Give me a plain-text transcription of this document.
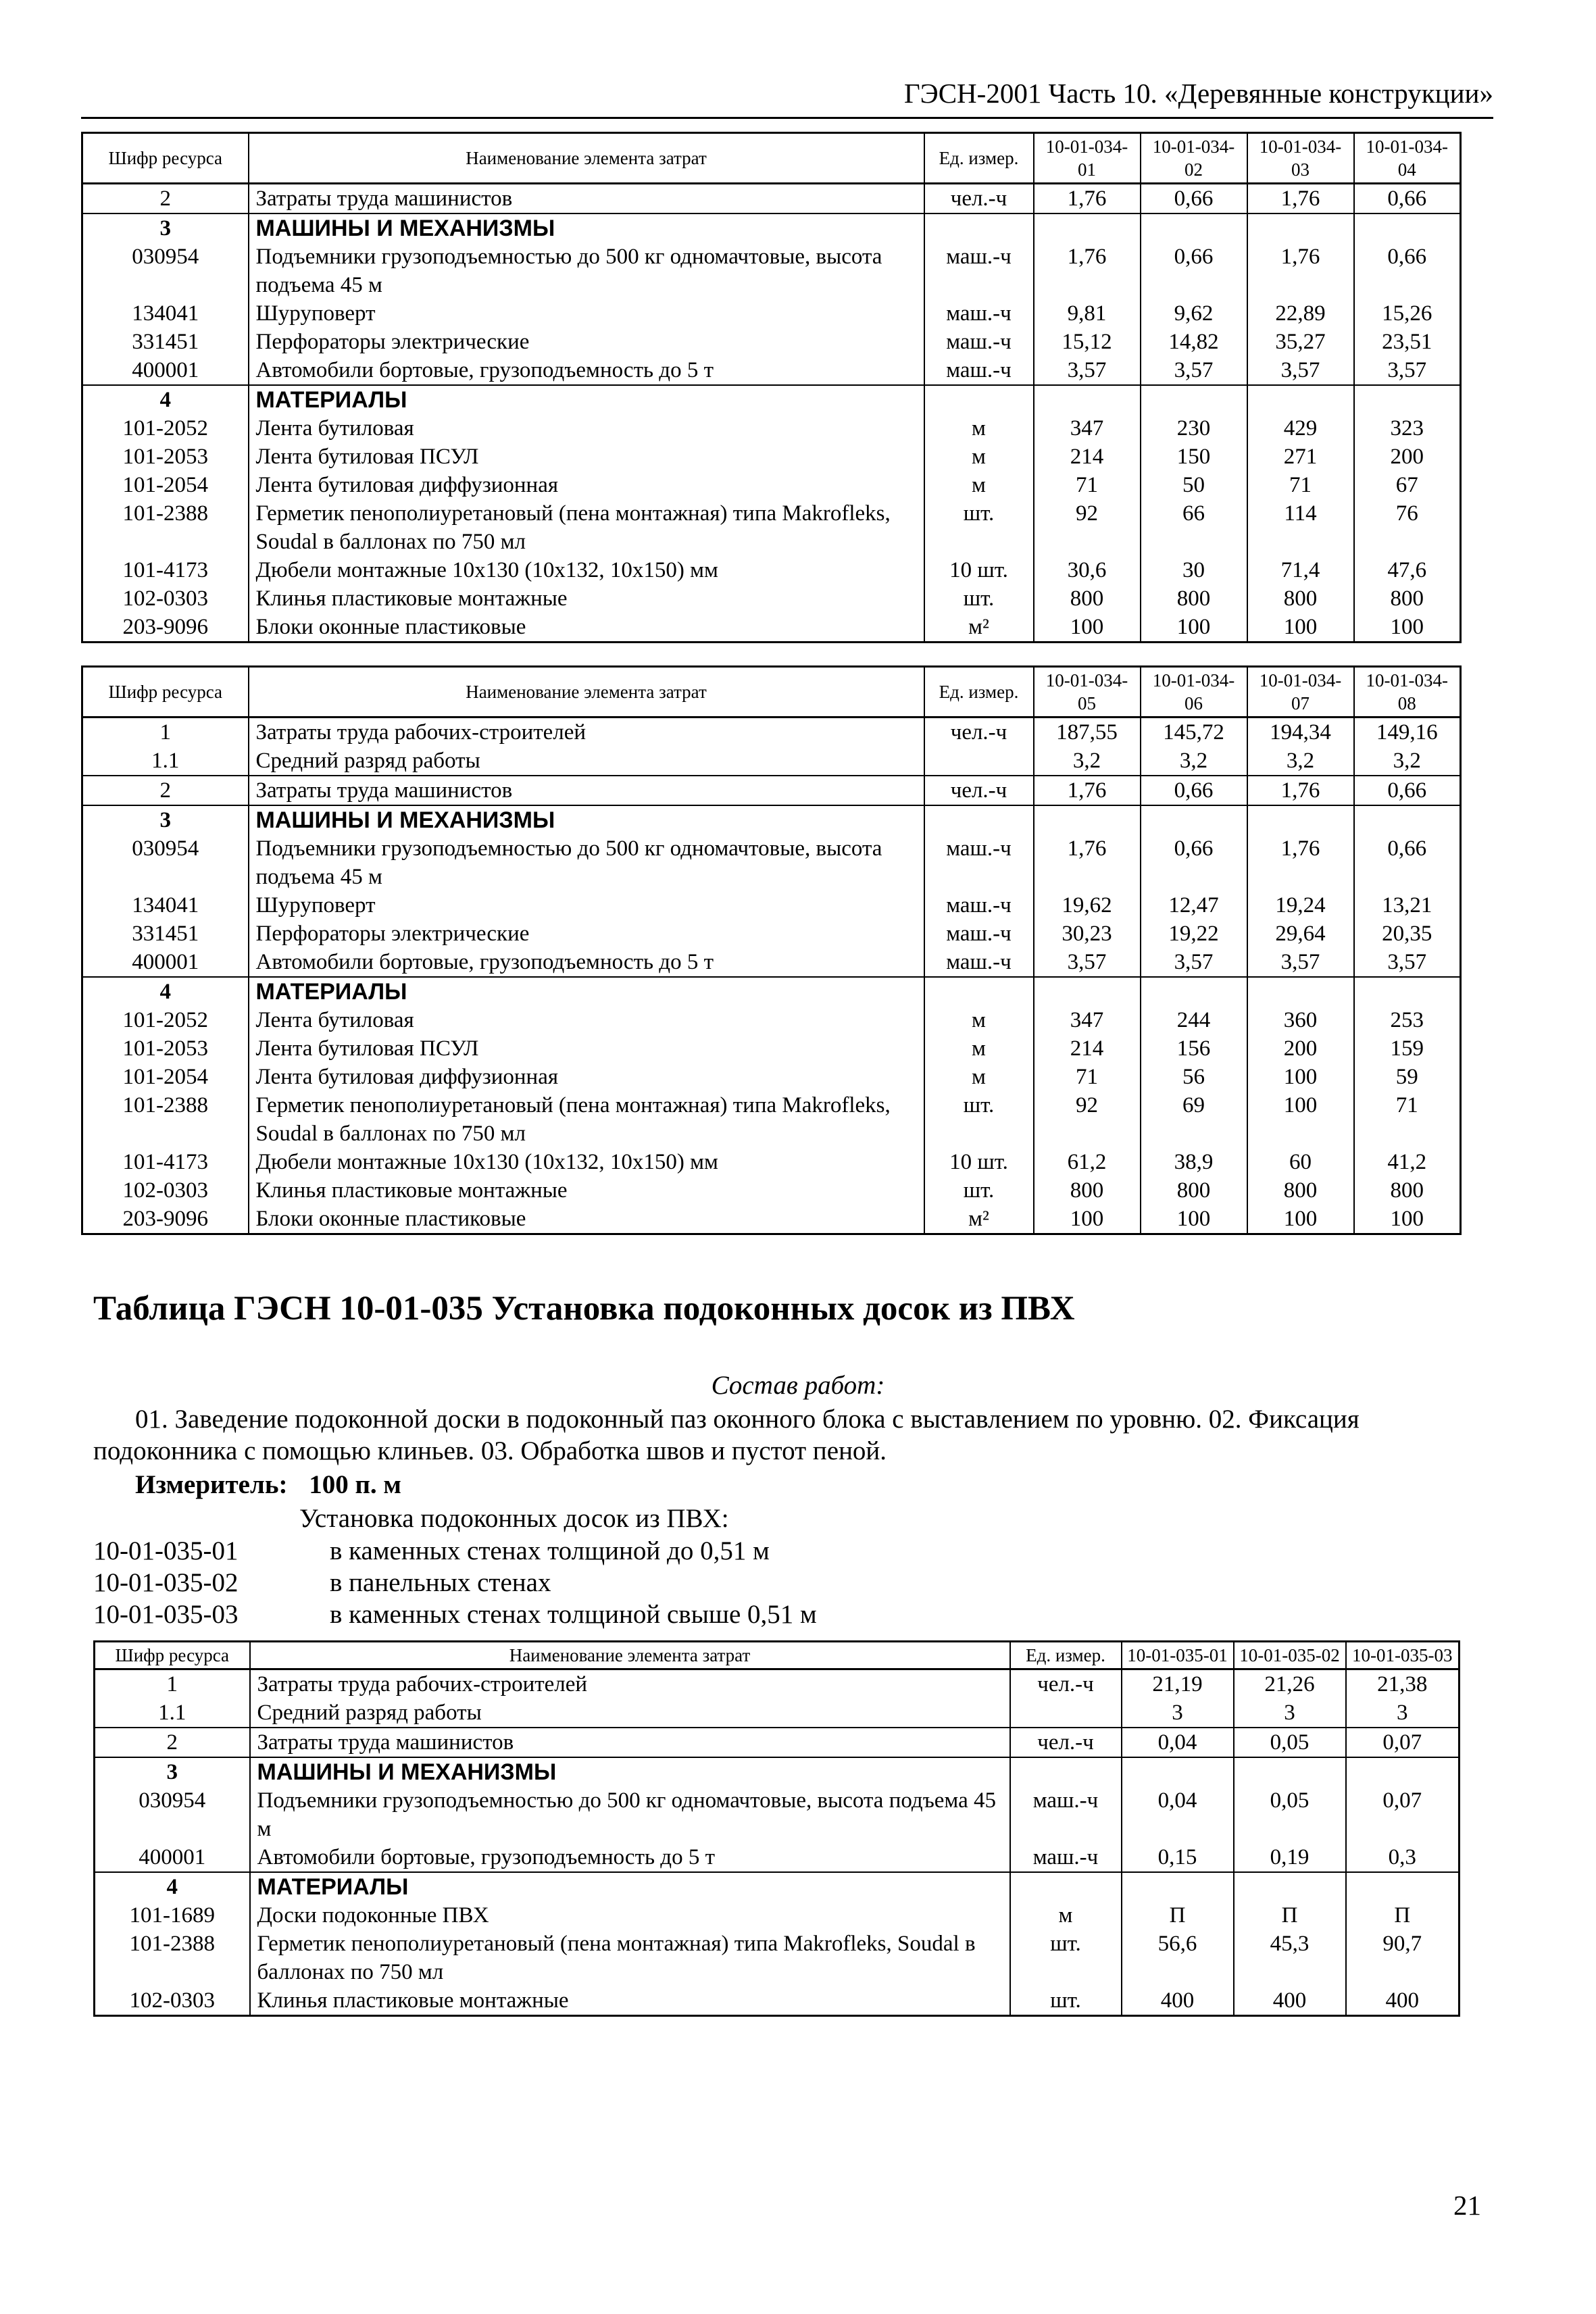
ГЭСН-2001 Часть 10. «Деревянные конструкции»
Шифр ресурса	Наименование элемента затрат	Ед. измер.	10-01-034-01	10-01-034-02	10-01-034-03	10-01-034-04
2	Затраты труда машинистов	чел.-ч	1,76	0,66	1,76	0,66
3	МАШИНЫ И МЕХАНИЗМЫ					
030954	Подъемники грузоподъемностью до 500 кг одномачтовые, высота подъема 45 м	маш.-ч	1,76	0,66	1,76	0,66
134041	Шуруповерт	маш.-ч	9,81	9,62	22,89	15,26
331451	Перфораторы электрические	маш.-ч	15,12	14,82	35,27	23,51
400001	Автомобили бортовые, грузоподъемность до 5 т	маш.-ч	3,57	3,57	3,57	3,57
4	МАТЕРИАЛЫ					
101-2052	Лента бутиловая	м	347	230	429	323
101-2053	Лента бутиловая ПСУЛ	м	214	150	271	200
101-2054	Лента бутиловая диффузионная	м	71	50	71	67
101-2388	Герметик пенополиуретановый (пена монтажная) типа Makrofleks, Soudal в баллонах по 750 мл	шт.	92	66	114	76
101-4173	Дюбели монтажные 10х130 (10х132, 10х150) мм	10 шт.	30,6	30	71,4	47,6
102-0303	Клинья пластиковые монтажные	шт.	800	800	800	800
203-9096	Блоки оконные пластиковые	м²	100	100	100	100
Шифр ресурса	Наименование элемента затрат	Ед. измер.	10-01-034-05	10-01-034-06	10-01-034-07	10-01-034-08
1	Затраты труда рабочих-строителей	чел.-ч	187,55	145,72	194,34	149,16
1.1	Средний разряд работы		3,2	3,2	3,2	3,2
2	Затраты труда машинистов	чел.-ч	1,76	0,66	1,76	0,66
3	МАШИНЫ И МЕХАНИЗМЫ					
030954	Подъемники грузоподъемностью до 500 кг одномачтовые, высота подъема 45 м	маш.-ч	1,76	0,66	1,76	0,66
134041	Шуруповерт	маш.-ч	19,62	12,47	19,24	13,21
331451	Перфораторы электрические	маш.-ч	30,23	19,22	29,64	20,35
400001	Автомобили бортовые, грузоподъемность до 5 т	маш.-ч	3,57	3,57	3,57	3,57
4	МАТЕРИАЛЫ					
101-2052	Лента бутиловая	м	347	244	360	253
101-2053	Лента бутиловая ПСУЛ	м	214	156	200	159
101-2054	Лента бутиловая диффузионная	м	71	56	100	59
101-2388	Герметик пенополиуретановый (пена монтажная) типа Makrofleks, Soudal в баллонах по 750 мл	шт.	92	69	100	71
101-4173	Дюбели монтажные 10х130 (10х132, 10х150) мм	10 шт.	61,2	38,9	60	41,2
102-0303	Клинья пластиковые монтажные	шт.	800	800	800	800
203-9096	Блоки оконные пластиковые	м²	100	100	100	100
Таблица ГЭСН 10-01-035 Установка подоконных досок из ПВХ
Состав работ:
01. Заведение подоконной доски в подоконный паз оконного блока с выставлением по уровню. 02. Фиксация
подоконника с помощью клиньев. 03. Обработка швов и пустот пеной.
Измеритель: 100 п. м
Установка подоконных досок из ПВХ:
10-01-035-01	в каменных стенах толщиной до 0,51 м
10-01-035-02	в панельных стенах
10-01-035-03	в каменных стенах толщиной свыше 0,51 м
Шифр ресурса	Наименование элемента затрат	Ед. измер.	10-01-035-01	10-01-035-02	10-01-035-03
1	Затраты труда рабочих-строителей	чел.-ч	21,19	21,26	21,38
1.1	Средний разряд работы		3	3	3
2	Затраты труда машинистов	чел.-ч	0,04	0,05	0,07
3	МАШИНЫ И МЕХАНИЗМЫ				
030954	Подъемники грузоподъемностью до 500 кг одномачтовые, высота подъема 45 м	маш.-ч	0,04	0,05	0,07
400001	Автомобили бортовые, грузоподъемность до 5 т	маш.-ч	0,15	0,19	0,3
4	МАТЕРИАЛЫ				
101-1689	Доски подоконные ПВХ	м	П	П	П
101-2388	Герметик пенополиуретановый (пена монтажная) типа Makrofleks, Soudal в баллонах по 750 мл	шт.	56,6	45,3	90,7
102-0303	Клинья пластиковые монтажные	шт.	400	400	400
21
